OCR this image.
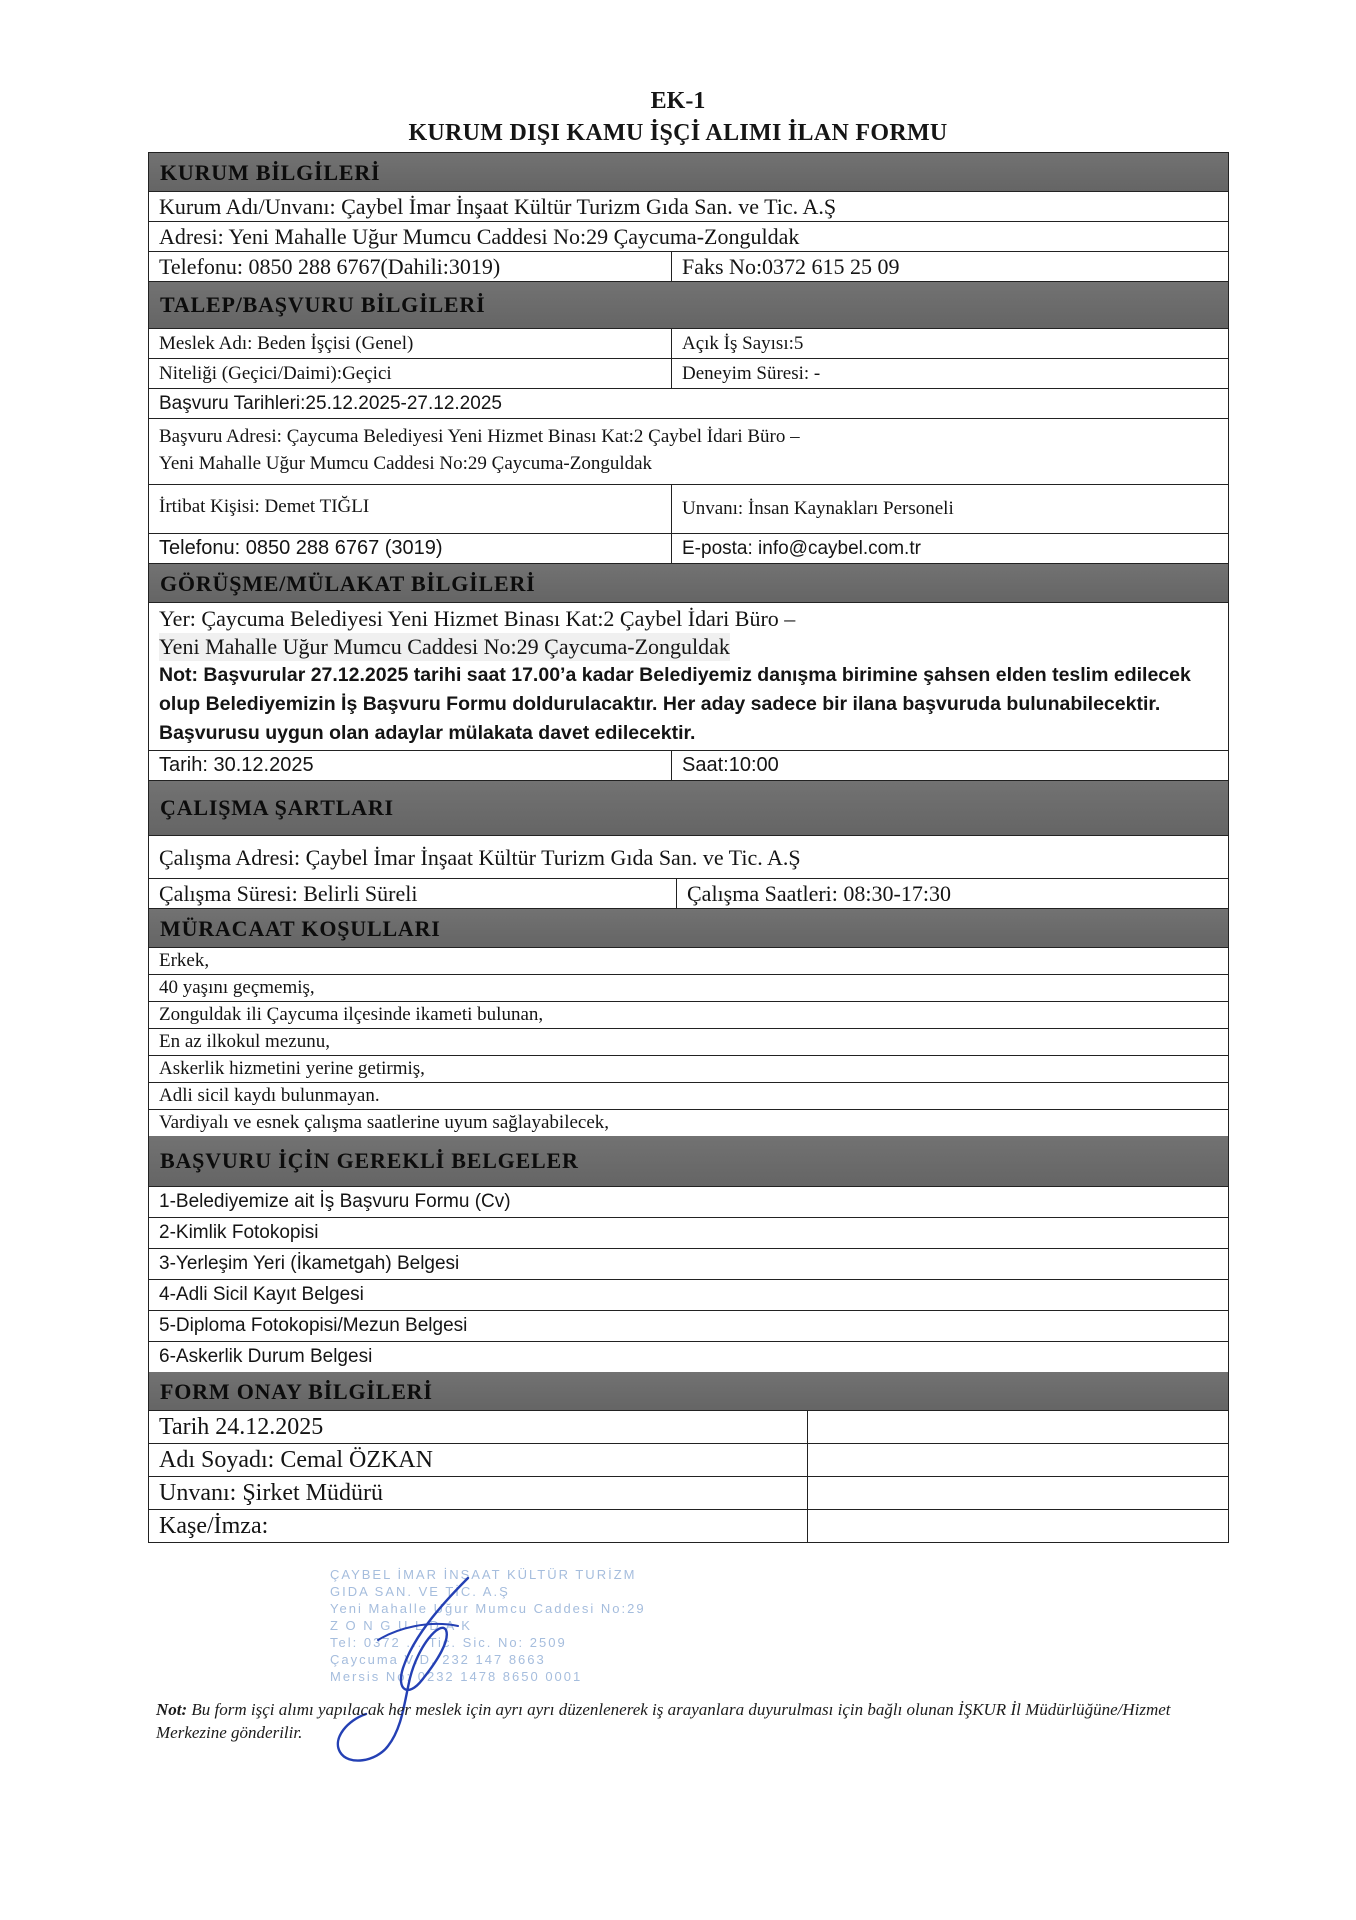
EK-1
KURUM DIŞI KAMU İŞÇİ ALIMI İLAN FORMU
KURUM BİLGİLERİ
Kurum Adı/Unvanı: Çaybel İmar İnşaat Kültür Turizm Gıda San. ve Tic. A.Ş
Adresi: Yeni Mahalle Uğur Mumcu Caddesi No:29 Çaycuma-Zonguldak
Telefonu: 0850 288 6767(Dahili:3019)	Faks No:0372 615 25 09
TALEP/BAŞVURU BİLGİLERİ
Meslek Adı: Beden İşçisi (Genel)	Açık İş Sayısı:5
Niteliği (Geçici/Daimi):Geçici	Deneyim Süresi: -
Başvuru Tarihleri:25.12.2025-27.12.2025
Başvuru Adresi: Çaycuma Belediyesi Yeni Hizmet Binası Kat:2 Çaybel İdari Büro –
Yeni Mahalle Uğur Mumcu Caddesi No:29 Çaycuma-Zonguldak
İrtibat Kişisi: Demet TIĞLI	Unvanı: İnsan Kaynakları Personeli
Telefonu: 0850 288 6767 (3019)	E-posta: info@caybel.com.tr
GÖRÜŞME/MÜLAKAT BİLGİLERİ
Yer: Çaycuma Belediyesi Yeni Hizmet Binası Kat:2 Çaybel İdari Büro –
Yeni Mahalle Uğur Mumcu Caddesi No:29 Çaycuma-Zonguldak
Not: Başvurular 27.12.2025 tarihi saat 17.00’a kadar Belediyemiz danışma birimine şahsen elden teslim edilecek olup Belediyemizin İş Başvuru Formu doldurulacaktır. Her aday sadece bir ilana başvuruda bulunabilecektir. Başvurusu uygun olan adaylar mülakata davet edilecektir.
Tarih: 30.12.2025	Saat:10:00
ÇALIŞMA ŞARTLARI
Çalışma Adresi: Çaybel İmar İnşaat Kültür Turizm Gıda San. ve Tic. A.Ş
Çalışma Süresi: Belirli Süreli	Çalışma Saatleri: 08:30-17:30
MÜRACAAT KOŞULLARI
Erkek,
40 yaşını geçmemiş,
Zonguldak ili Çaycuma ilçesinde ikameti bulunan,
En az ilkokul mezunu,
Askerlik hizmetini yerine getirmiş,
Adli sicil kaydı bulunmayan.
Vardiyalı ve esnek çalışma saatlerine uyum sağlayabilecek,
BAŞVURU İÇİN GEREKLİ BELGELER
1-Belediyemize ait İş Başvuru Formu (Cv)
2-Kimlik Fotokopisi
3-Yerleşim Yeri (İkametgah) Belgesi
4-Adli Sicil Kayıt Belgesi
5-Diploma Fotokopisi/Mezun Belgesi
6-Askerlik Durum Belgesi
FORM ONAY BİLGİLERİ
Tarih 24.12.2025
Adı Soyadı: Cemal ÖZKAN
Unvanı: Şirket Müdürü
Kaşe/İmza:
ÇAYBEL İMAR İNŞAAT KÜLTÜR TURİZM
GIDA SAN. VE TİC. A.Ş
Yeni Mahalle Uğur Mumcu Caddesi No:29
Z O N G U L D A K
Tel: 0372 ... Tic. Sic. No: 2509
Çaycuma V.D. 232 147 8663
Mersis No: 0232 1478 8650 0001
Not: Bu form işçi alımı yapılacak her meslek için ayrı ayrı düzenlenerek iş arayanlara duyurulması için bağlı olunan İŞKUR İl Müdürlüğüne/Hizmet Merkezine gönderilir.
